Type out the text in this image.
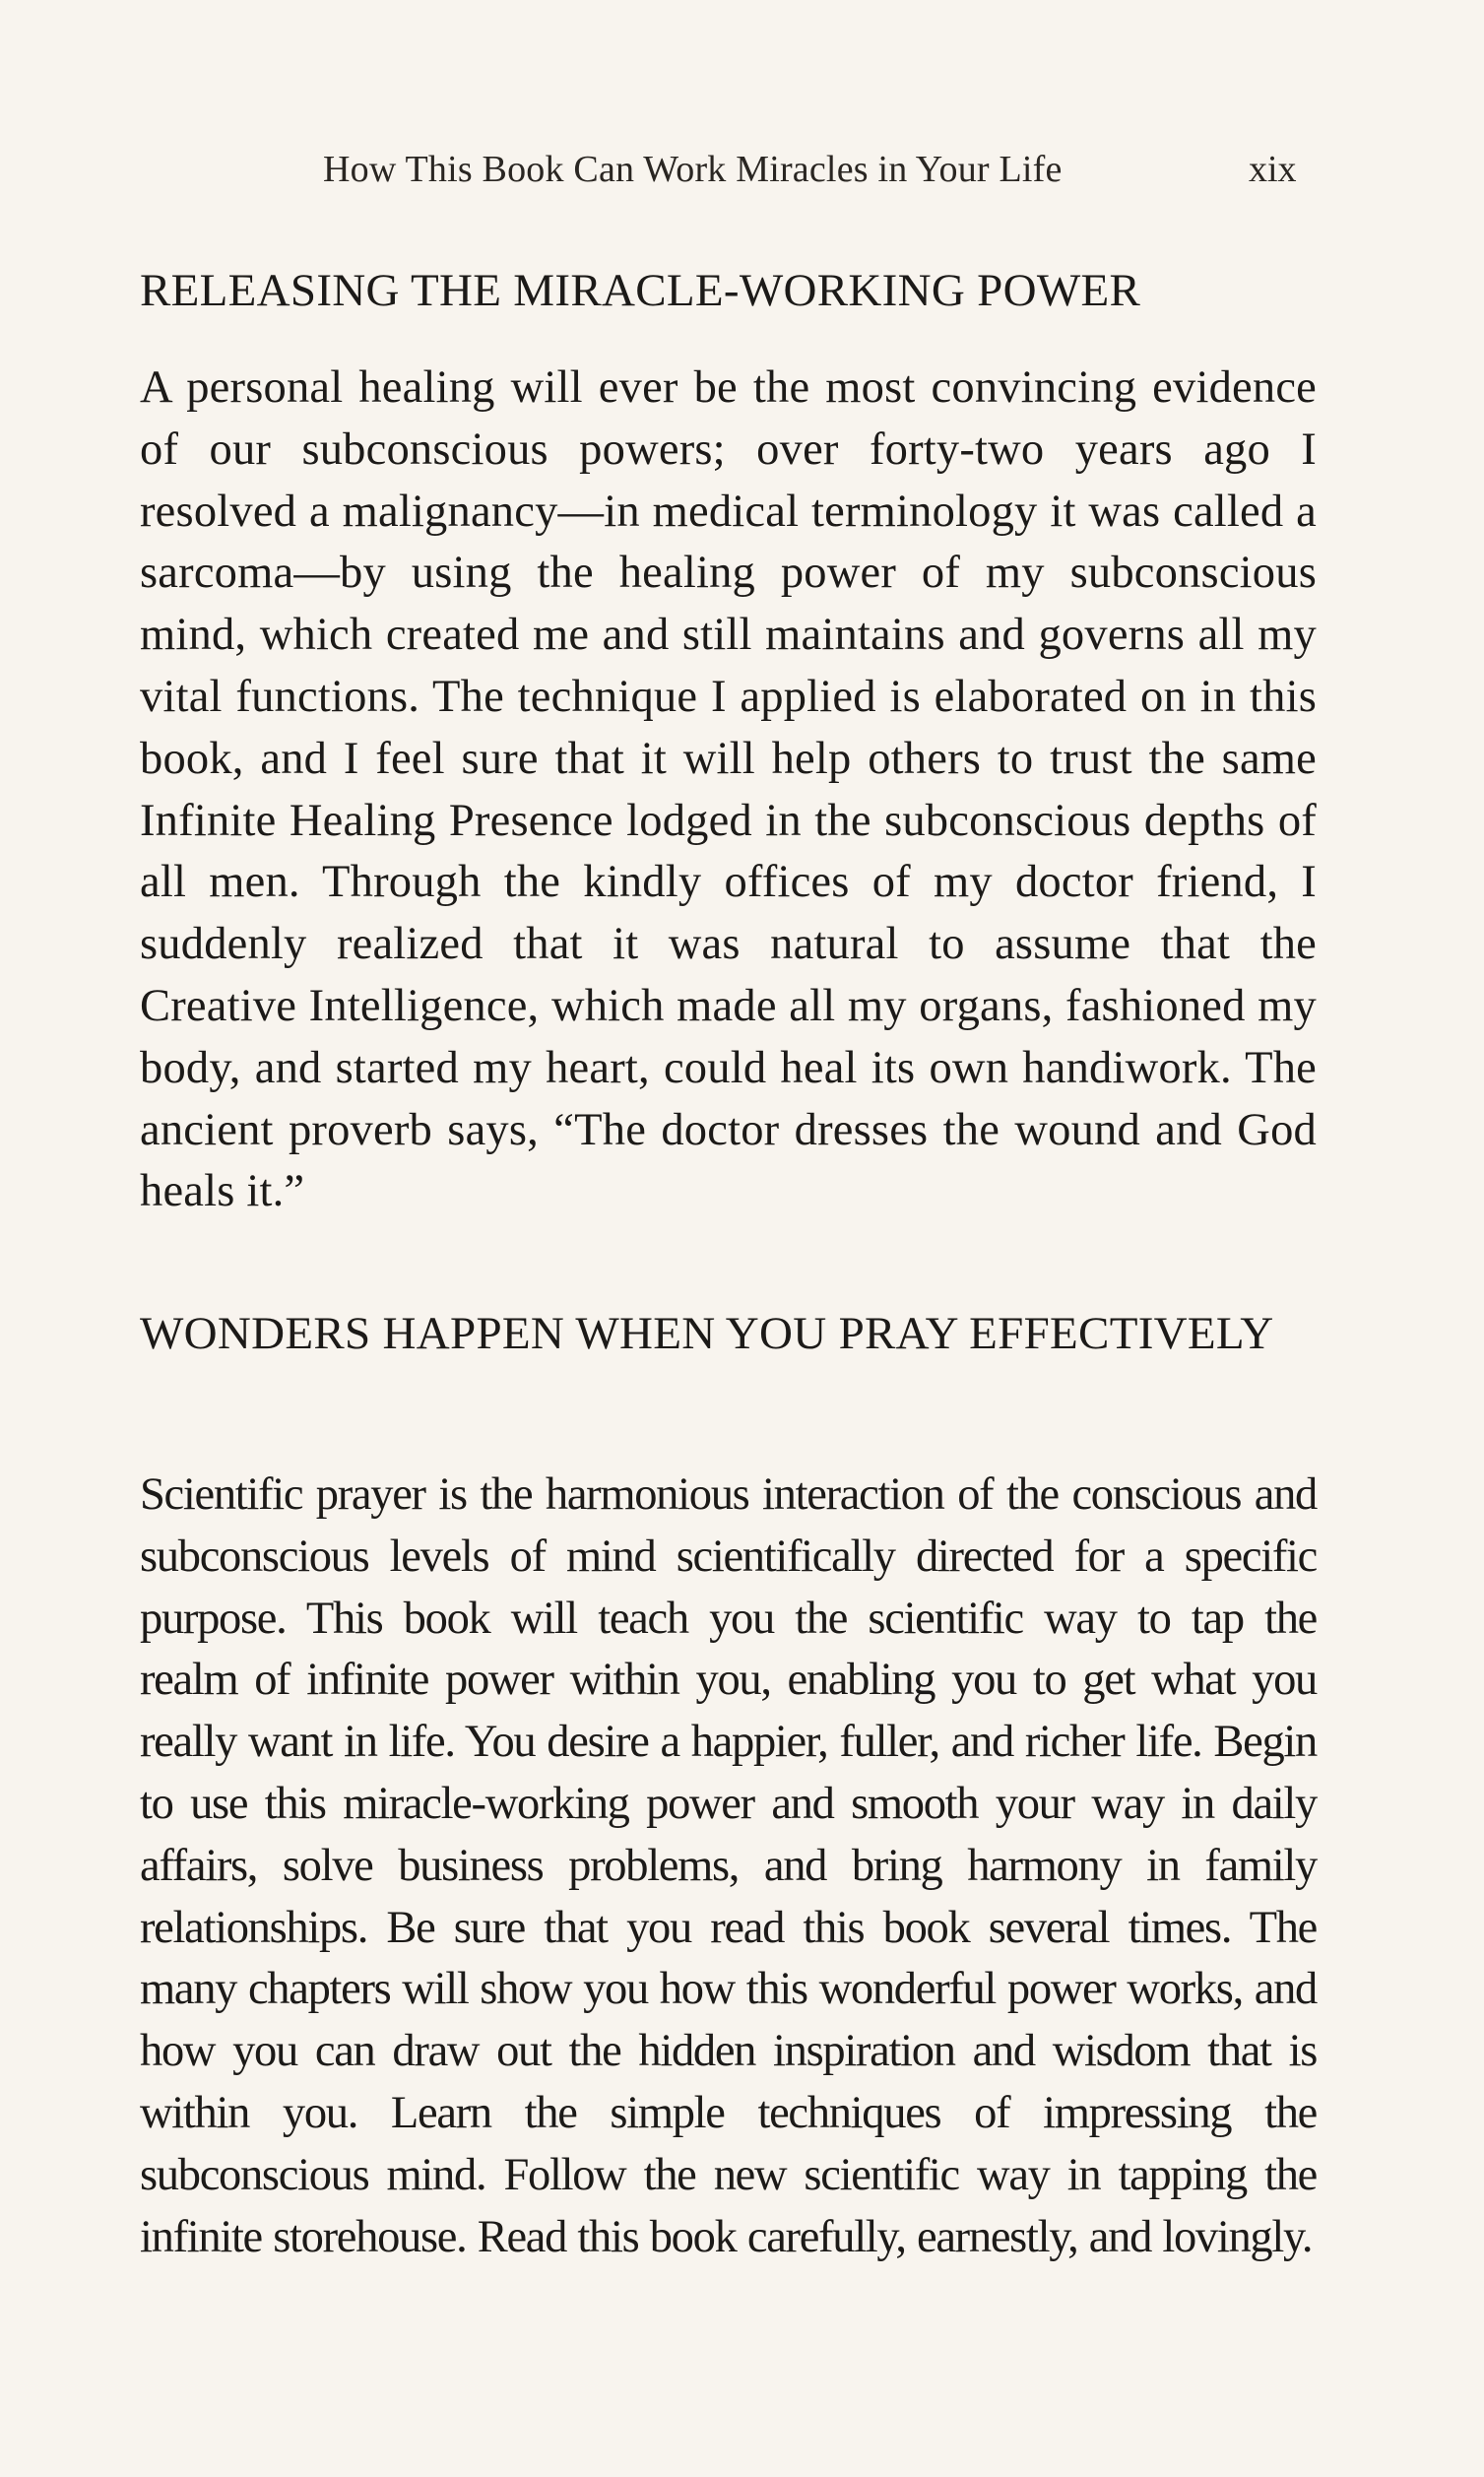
How This Book Can Work Miracles in Your Life	xix
RELEASING THE MIRACLE-WORKING POWER

A personal healing will ever be the most convincing evidence of our subconscious powers; over forty-two years ago I resolved a malignancy—in medical terminology it was called a sarcoma—by using the healing power of my subconscious mind, which created me and still maintains and governs all my vital functions. The technique I applied is elaborated on in this book, and I feel sure that it will help others to trust the same Infinite Healing Presence lodged in the subconscious depths of all men. Through the kindly offices of my doctor friend, I suddenly realized that it was natural to assume that the Creative Intelligence, which made all my organs, fashioned my body, and started my heart, could heal its own handiwork. The ancient proverb says, “The doctor dresses the wound and God heals it.”

WONDERS HAPPEN WHEN YOU PRAY EFFECTIVELY

Scientific prayer is the harmonious interaction of the conscious and subconscious levels of mind scientifically directed for a specific purpose. This book will teach you the scientific way to tap the realm of infinite power within you, enabling you to get what you really want in life. You desire a happier, fuller, and richer life. Begin to use this miracle-working power and smooth your way in daily affairs, solve business problems, and bring harmony in family relationships. Be sure that you read this book several times. The many chapters will show you how this wonderful power works, and how you can draw out the hidden inspiration and wisdom that is within you. Learn the simple techniques of impressing the subconscious mind. Follow the new scientific way in tapping the infinite storehouse. Read this book carefully, earnestly, and lovingly.
